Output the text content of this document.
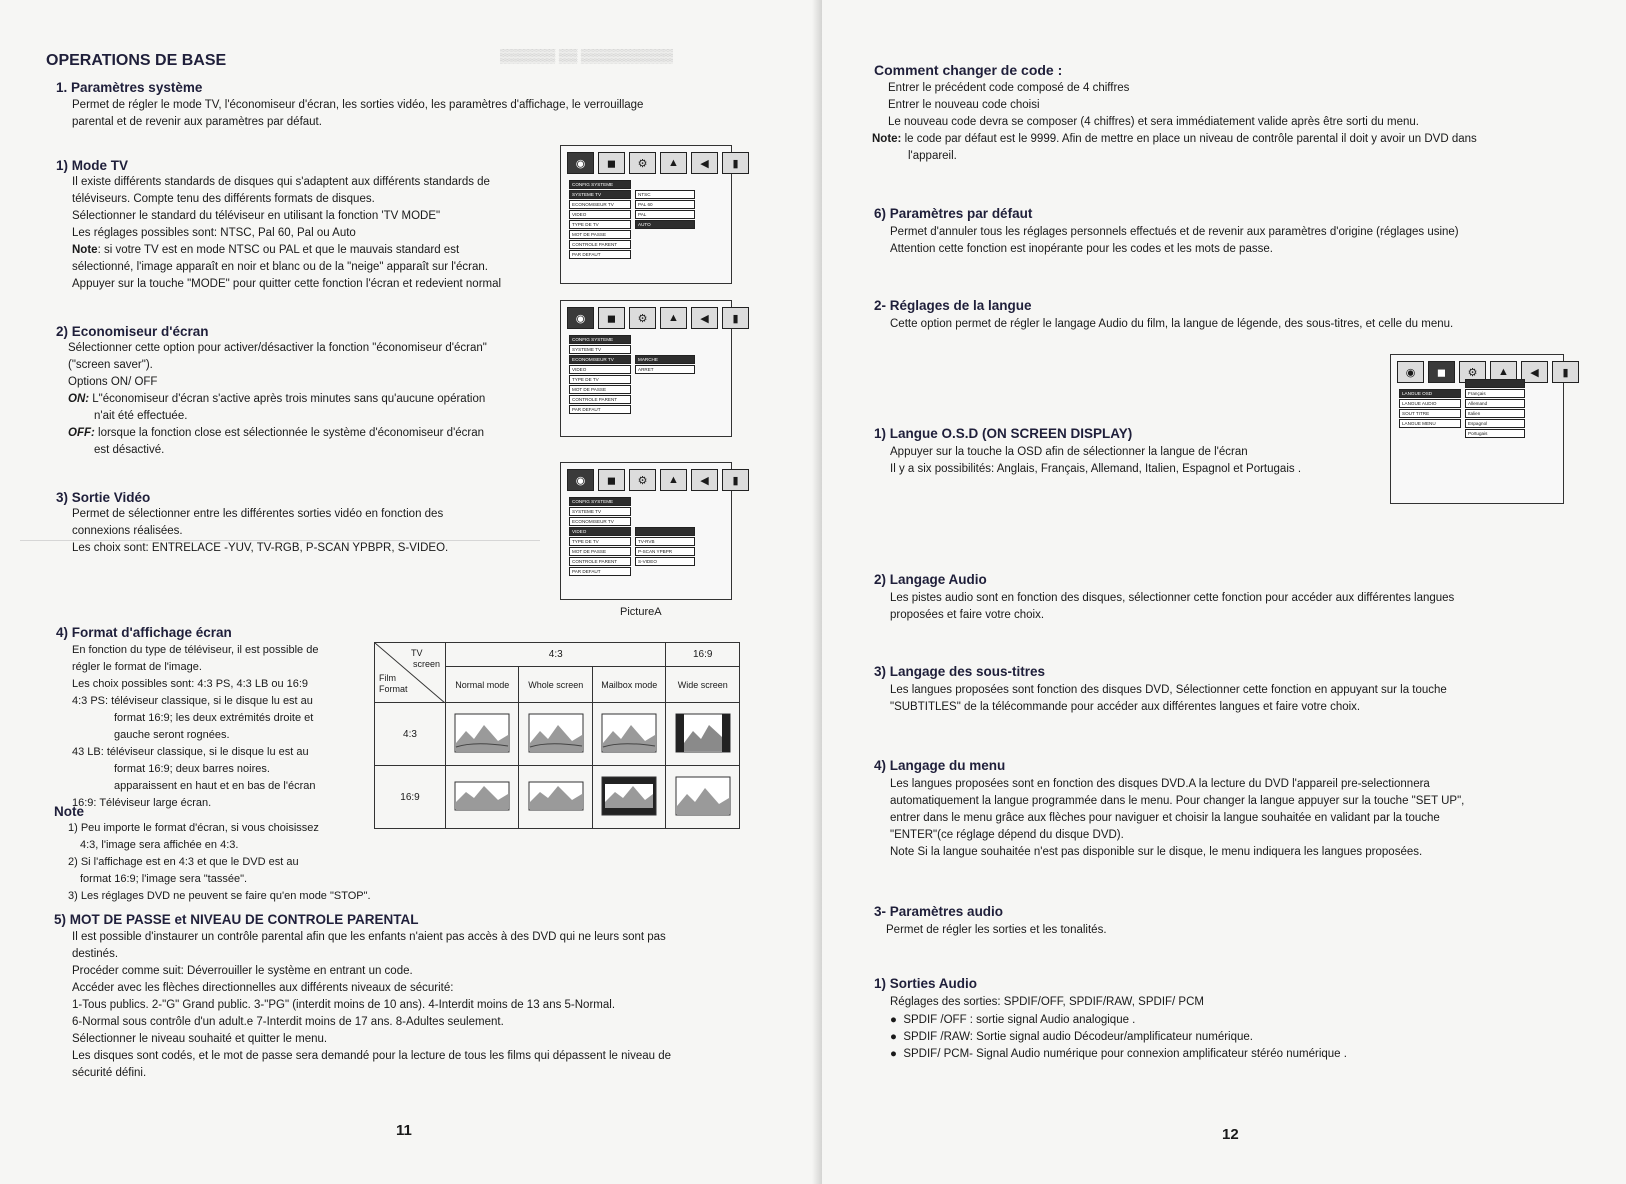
▒▒▒▒▒▒ ▒▒ ▒▒▒▒▒▒▒▒▒▒
OPERATIONS DE BASE
1. Paramètres système

Permet de régler le mode TV, l'économiseur d'écran, les sorties vidéo, les paramètres d'affichage, le verrouillage

parental et de revenir aux paramètres par défaut.

1) Mode TV

Il existe différents standards de disques qui s'adaptent aux différents standards de

téléviseurs. Compte tenu des différents formats de disques.

Sélectionner le standard du téléviseur en utilisant la fonction 'TV MODE"

Les réglages possibles sont: NTSC, Pal 60, Pal ou Auto

Note: si votre TV est en mode NTSC ou PAL et que le mauvais standard est

sélectionné, l'image apparaît en noir et blanc ou de la "neige" apparaît sur l'écran.

Appuyer sur la touche "MODE" pour quitter cette fonction l'écran et redevient normal

◉	◼	⚙	▲	◀	▮
CONFIG SYSTEME
SYSTEME TV
ECONOMISEUR TV
VIDEO
TYPE DE TV
MOT DE PASSE
CONTROLE PARENT
PAR DEFAUT
NTSC
PAL 60
PAL
AUTO
2) Economiseur d'écran

Sélectionner cette option pour activer/désactiver la fonction "économiseur d'écran"

("screen saver").

Options ON/ OFF

ON: L"économiseur d'écran s'active après trois minutes sans qu'aucune opération

n'ait été effectuée.

OFF: lorsque la fonction close est sélectionnée le système d'économiseur d'écran

est désactivé.

◉	◼	⚙	▲	◀	▮
CONFIG SYSTEME
SYSTEME TV
ECONOMISEUR TV
VIDEO
TYPE DE TV
MOT DE PASSE
CONTROLE PARENT
PAR DEFAUT
MARCHE
ARRET
3) Sortie Vidéo

Permet de sélectionner entre les différentes sorties vidéo en fonction des

connexions réalisées.

Les choix sont: ENTRELACE -YUV, TV-RGB, P-SCAN YPBPR, S-VIDEO.

◉	◼	⚙	▲	◀	▮
CONFIG SYSTEME
SYSTEME TV
ECONOMISEUR TV
VIDEO
TYPE DE TV
MOT DE PASSE
CONTROLE PARENT
PAR DEFAUT
TV-RVB
P-SCAN YPBPR
S-VIDEO
PictureA
4) Format d'affichage écran

En fonction du type de téléviseur, il est possible de

régler le format de l'image.

Les choix possibles sont: 4:3 PS, 4:3 LB ou 16:9

4:3 PS: téléviseur classique, si le disque lu est au

format 16:9; les deux extrémités droite et

gauche seront rognées.

43 LB: téléviseur classique, si le disque lu est au

format 16:9; deux barres noires.

apparaissent en haut et en bas de l'écran

16:9: Téléviseur large écran.

TV
screen
Film
Format	4:3			16:9
	Normal mode	Whole screen	Mailbox mode	Wide screen
4:3				
16:9				
Note

1) Peu importe le format d'écran, si vous choisissez

4:3, l'image sera affichée en 4:3.

2) Si l'affichage est en 4:3 et que le DVD est au

format 16:9; l'image sera "tassée".

3) Les réglages DVD ne peuvent se faire qu'en mode "STOP".

5) MOT DE PASSE et NIVEAU DE CONTROLE PARENTAL

Il est possible d'instaurer un contrôle parental afin que les enfants n'aient pas accès à des DVD qui ne leurs sont pas

destinés.

Procéder comme suit: Déverrouiller le système en entrant un code.

Accéder avec les flèches directionnelles aux différents niveaux de sécurité:

1-Tous publics. 2-"G" Grand public. 3-"PG" (interdit moins de 10 ans). 4-Interdit moins de 13 ans 5-Normal.

6-Normal sous contrôle d'un adult.e 7-Interdit moins de 17 ans. 8-Adultes seulement.

Sélectionner le niveau souhaité et quitter le menu.

Les disques sont codés, et le mot de passe sera demandé pour la lecture de tous les films qui dépassent le niveau de

sécurité défini.

11
Comment changer de code :

Entrer le précédent code composé de 4 chiffres

Entrer le nouveau code choisi

Le nouveau code devra se composer (4 chiffres) et sera immédiatement valide après être sorti du menu.

Note: le code par défaut est le 9999. Afin de mettre en place un niveau de contrôle parental il doit y avoir un DVD dans

l'appareil.

6) Paramètres par défaut

Permet d'annuler tous les réglages personnels effectués et de revenir aux paramètres d'origine (réglages usine)

Attention cette fonction est inopérante pour les codes et les mots de passe.

2- Réglages de la langue

Cette option permet de régler le langage Audio du film, la langue de légende, des sous-titres, et celle du menu.

◉	◼	⚙	▲	◀	▮
LANGUE OSD
LANGUE AUDIO
SOUT TITRE
LANGUE MENU
Français
Allemand
Italien
Espagnol
Portugais
1) Langue O.S.D (ON SCREEN DISPLAY)

Appuyer sur la touche la OSD afin de sélectionner la langue de l'écran

Il y a six possibilités: Anglais, Français, Allemand, Italien, Espagnol et Portugais .

2) Langage Audio

Les pistes audio sont en fonction des disques, sélectionner cette fonction pour accéder aux différentes langues

proposées et faire votre choix.

3) Langage des sous-titres

Les langues proposées sont fonction des disques DVD, Sélectionner cette fonction en appuyant sur la touche

"SUBTITLES" de la télécommande pour accéder aux différentes langues et faire votre choix.

4) Langage du menu

Les langues proposées sont en fonction des disques DVD.A la lecture du DVD l'appareil pre-selectionnera

automatiquement la langue programmée dans le menu. Pour changer la langue appuyer sur la touche "SET UP",

entrer dans le menu grâce aux flèches pour naviguer et choisir la langue souhaitée en validant par la touche

"ENTER"(ce réglage dépend du disque DVD).

Note Si la langue souhaitée n'est pas disponible sur le disque, le menu indiquera les langues proposées.

3- Paramètres audio

Permet de régler les sorties et les tonalités.

1) Sorties Audio

Réglages des sorties: SPDIF/OFF, SPDIF/RAW, SPDIF/ PCM

●  SPDIF /OFF : sortie signal Audio analogique .

●  SPDIF /RAW: Sortie signal audio Décodeur/amplificateur numérique.

●  SPDIF/ PCM- Signal Audio numérique pour connexion amplificateur stéréo numérique .

12
